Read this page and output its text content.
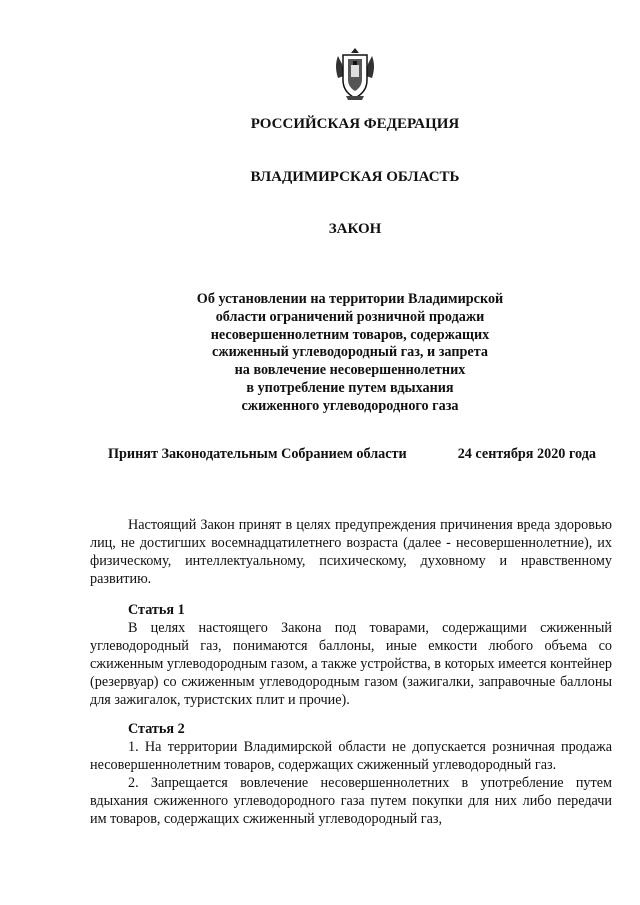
РОССИЙСКАЯ ФЕДЕРАЦИЯ
ВЛАДИМИРСКАЯ ОБЛАСТЬ
ЗАКОН
Об установлении на территории Владимирской
области ограничений розничной продажи
несовершеннолетним товаров, содержащих
сжиженный углеводородный газ, и запрета
на вовлечение несовершеннолетних
в употребление путем вдыхания
сжиженного углеводородного газа
Принят Законодательным Собранием области	24 сентября 2020 года

Настоящий Закон принят в целях предупреждения причинения вреда здоровью лиц, не достигших восемнадцатилетнего возраста (далее - несовершеннолетние), их физическому, интеллектуальному, психическому, духовному и нравственному развитию.

Статья 1

В целях настоящего Закона под товарами, содержащими сжиженный углеводородный газ, понимаются баллоны, иные емкости любого объема со сжиженным углеводородным газом, а также устройства, в которых имеется контейнер (резервуар) со сжиженным углеводородным газом (зажигалки, заправочные баллоны для зажигалок, туристских плит и прочие).

Статья 2

1. На территории Владимирской области не допускается розничная продажа несовершеннолетним товаров, содержащих сжиженный углеводородный газ.

2. Запрещается вовлечение несовершеннолетних в употребление путем вдыхания сжиженного углеводородного газа путем покупки для них либо передачи им товаров, содержащих сжиженный углеводородный газ,
